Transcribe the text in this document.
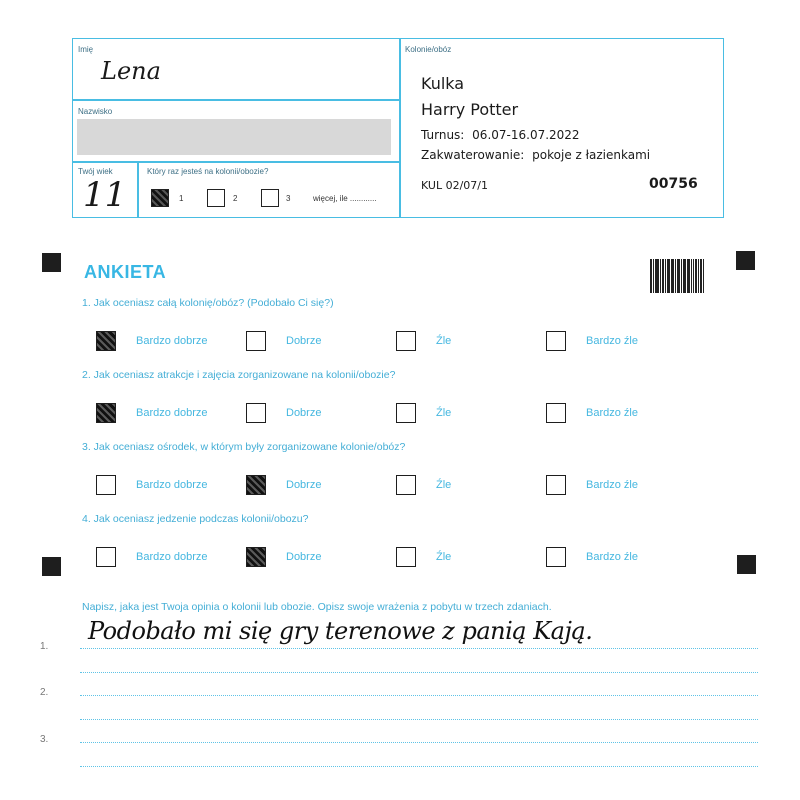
Imię
Lena
Nazwisko
Twój wiek
11
Który raz jesteś na kolonii/obozie?
1	2	3	więcej, ile ............
Kolonie/obóz
Kulka
Harry Potter
Turnus: 06.07-16.07.2022
Zakwaterowanie: pokoje z łazienkami
KUL 02/07/1	00756
ANKIETA
1. Jak oceniasz całą kolonię/obóz? (Podobało Ci się?)
Bardzo dobrze	Dobrze	Źle	Bardzo źle
2. Jak oceniasz atrakcje i zajęcia zorganizowane na kolonii/obozie?
Bardzo dobrze	Dobrze	Źle	Bardzo źle
3. Jak oceniasz ośrodek, w którym były zorganizowane kolonie/obóz?
Bardzo dobrze	Dobrze	Źle	Bardzo źle
4. Jak oceniasz jedzenie podczas kolonii/obozu?
Bardzo dobrze	Dobrze	Źle	Bardzo źle
Napisz, jaka jest Twoja opinia o kolonii lub obozie. Opisz swoje wrażenia z pobytu w trzech zdaniach.
1.
2.
3.
Podobało mi się gry terenowe z panią Kają.
